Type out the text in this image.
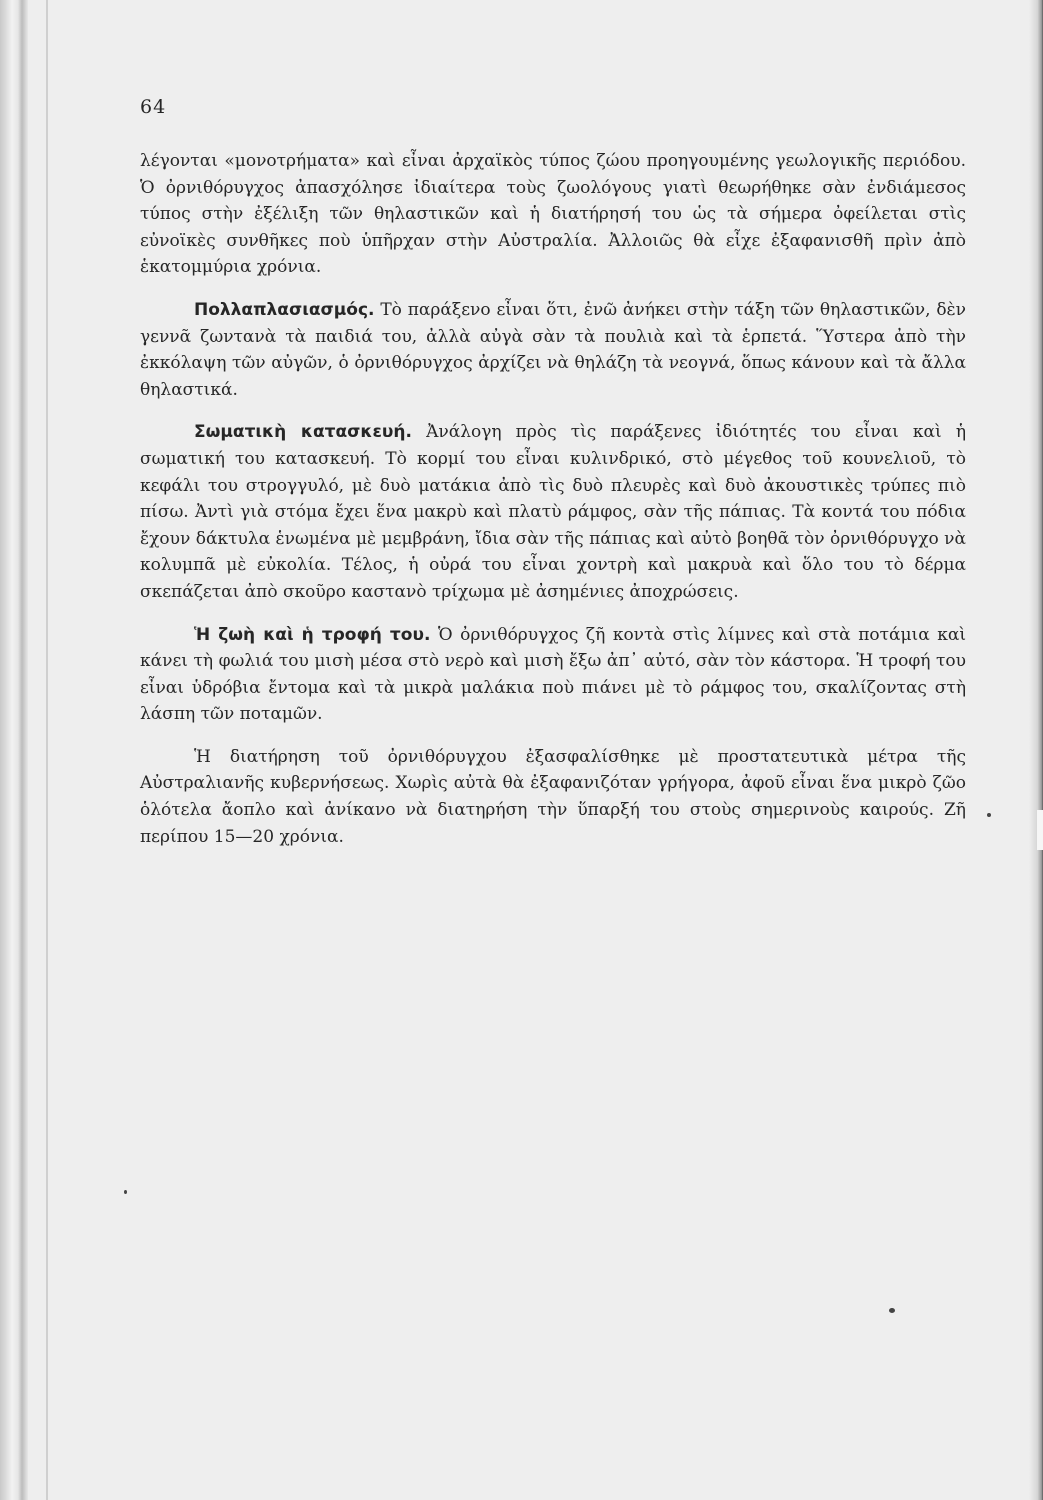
64

λέγονται «μονοτρήματα» καὶ εἶναι ἀρχαϊκὸς τύπος ζώου προηγουμένης γεωλογικῆς περιόδου. Ὁ ὀρνιθόρυγχος ἀπασχόλησε ἰδιαίτερα τοὺς ζωολόγους γιατὶ θεωρήθηκε σὰν ἐνδιάμεσος τύπος στὴν ἐξέλιξη τῶν θηλαστικῶν καὶ ἡ διατήρησή του ὡς τὰ σήμερα ὀφείλεται στὶς εὐνοϊκὲς συνθῆκες ποὺ ὑπῆρχαν στὴν Αὐστραλία. Ἀλλοιῶς θὰ εἶχε ἐξαφανισθῆ πρὶν ἀπὸ ἑκατομμύρια χρόνια.

Πολλαπλασιασμός. Τὸ παράξενο εἶναι ὅτι, ἐνῶ ἀνήκει στὴν τάξη τῶν θηλαστικῶν, δὲν γεννᾶ ζωντανὰ τὰ παιδιά του, ἀλλὰ αὐγὰ σὰν τὰ πουλιὰ καὶ τὰ ἑρπετά. Ὕστερα ἀπὸ τὴν ἐκκόλαψη τῶν αὐγῶν, ὁ ὀρνιθόρυγχος ἀρχίζει νὰ θηλάζη τὰ νεογνά, ὅπως κάνουν καὶ τὰ ἄλλα θηλαστικά.

Σωματικὴ κατασκευή. Ἀνάλογη πρὸς τὶς παράξενες ἰδιότητές του εἶναι καὶ ἡ σωματική του κατασκευή. Τὸ κορμί του εἶναι κυλινδρικό, στὸ μέγεθος τοῦ κουνελιοῦ, τὸ κεφάλι του στρογγυλό, μὲ δυὸ ματάκια ἀπὸ τὶς δυὸ πλευρὲς καὶ δυὸ ἀκουστικὲς τρύπες πιὸ πίσω. Ἀντὶ γιὰ στόμα ἔχει ἕνα μακρὺ καὶ πλατὺ ράμφος, σὰν τῆς πάπιας. Τὰ κοντά του πόδια ἔχουν δάκτυλα ἑνωμένα μὲ μεμβράνη, ἴδια σὰν τῆς πάπιας καὶ αὐτὸ βοηθᾶ τὸν ὀρνιθόρυγχο νὰ κολυμπᾶ μὲ εὐκολία. Τέλος, ἡ οὐρά του εἶναι χοντρὴ καὶ μακρυὰ καὶ ὅλο του τὸ δέρμα σκεπάζεται ἀπὸ σκοῦρο καστανὸ τρίχωμα μὲ ἀσημένιες ἀποχρώσεις.

Ἡ ζωὴ καὶ ἡ τροφή του. Ὁ ὀρνιθόρυγχος ζῆ κοντὰ στὶς λίμνες καὶ στὰ ποτάμια καὶ κάνει τὴ φωλιά του μισὴ μέσα στὸ νερὸ καὶ μισὴ ἔξω ἀπ᾿ αὐτό, σὰν τὸν κάστορα. Ἡ τροφή του εἶναι ὑδρόβια ἔντομα καὶ τὰ μικρὰ μαλάκια ποὺ πιάνει μὲ τὸ ράμφος του, σκαλίζοντας στὴ λάσπη τῶν ποταμῶν.

Ἡ διατήρηση τοῦ ὀρνιθόρυγχου ἐξασφαλίσθηκε μὲ προστατευτικὰ μέτρα τῆς Αὐστραλιανῆς κυβερνήσεως. Χωρὶς αὐτὰ θὰ ἐξαφανιζόταν γρήγορα, ἀφοῦ εἶναι ἕνα μικρὸ ζῶο ὁλότελα ἄοπλο καὶ ἀνίκανο νὰ διατηρήση τὴν ὕπαρξή του στοὺς σημερινοὺς καιρούς. Ζῆ περίπου 15—20 χρόνια.
